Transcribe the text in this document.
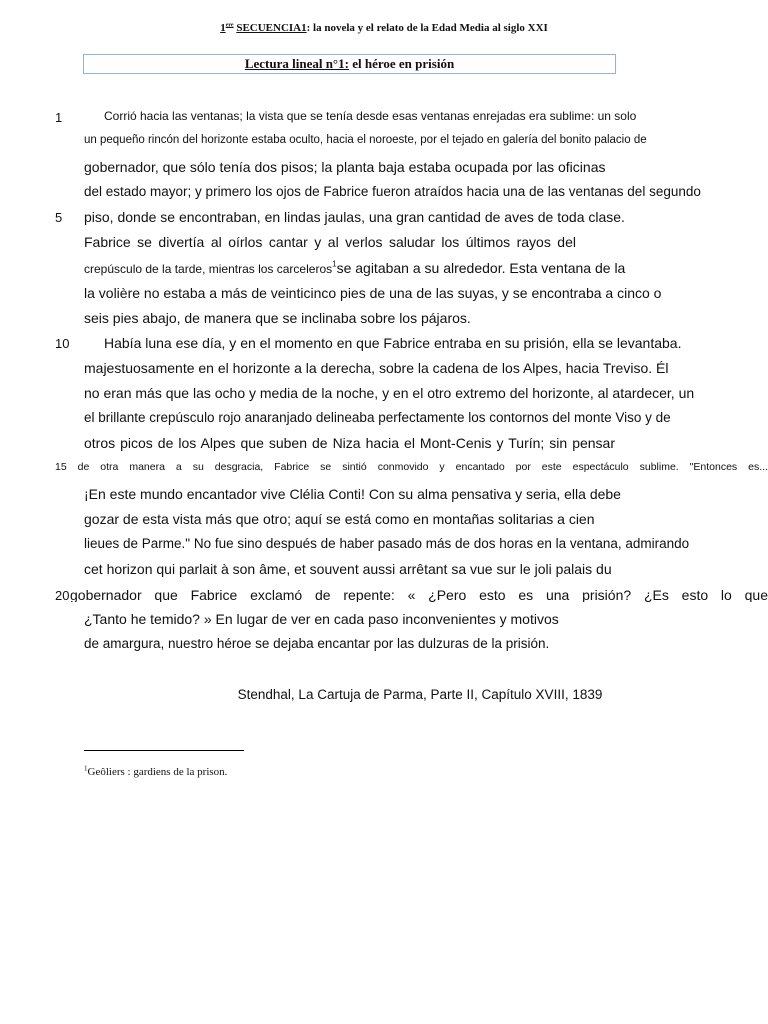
1ere SECUENCIA1: la novela y el relato de la Edad Media al siglo XXI
Lectura lineal n°1: el héroe en prisión
1
5
10
20
Corrió hacia las ventanas; la vista que se tenía desde esas ventanas enrejadas era sublime: un solo
un pequeño rincón del horizonte estaba oculto, hacia el noroeste, por el tejado en galería del bonito palacio de
gobernador, que sólo tenía dos pisos; la planta baja estaba ocupada por las oficinas
del estado mayor; y primero los ojos de Fabrice fueron atraídos hacia una de las ventanas del segundo
piso, donde se encontraban, en lindas jaulas, una gran cantidad de aves de toda clase.
Fabrice se divertía al oírlos cantar y al verlos saludar los últimos rayos del
crepúsculo de la tarde, mientras los carceleros$^1$se agitaban a su alrededor. Esta ventana de la
la volière no estaba a más de veinticinco pies de una de las suyas, y se encontraba a cinco o
seis pies abajo, de manera que se inclinaba sobre los pájaros.
Había luna ese día, y en el momento en que Fabrice entraba en su prisión, ella se levantaba.
majestuosamente en el horizonte a la derecha, sobre la cadena de los Alpes, hacia Treviso. Él
no eran más que las ocho y media de la noche, y en el otro extremo del horizonte, al atardecer, un
el brillante crepúsculo rojo anaranjado delineaba perfectamente los contornos del monte Viso y de
otros picos de los Alpes que suben de Niza hacia el Mont-Cenis y Turín; sin pensar
15 de otra manera a su desgracia, Fabrice se sintió conmovido y encantado por este espectáculo sublime. "Entonces es...
¡En este mundo encantador vive Clélia Conti! Con su alma pensativa y seria, ella debe
gozar de esta vista más que otro; aquí se está como en montañas solitarias a cien
lieues de Parme." No fue sino después de haber pasado más de dos horas en la ventana, admirando
cet horizon qui parlait à son âme, et souvent aussi arrêtant sa vue sur le joli palais du
gobernador que Fabrice exclamó de repente: « ¿Pero esto es una prisión? ¿Es esto lo que
¿Tanto he temido? » En lugar de ver en cada paso inconvenientes y motivos
de amargura, nuestro héroe se dejaba encantar por las dulzuras de la prisión.
Stendhal, La Cartuja de Parma, Parte II, Capítulo XVIII, 1839
$^1$Geôliers : gardiens de la prison.
